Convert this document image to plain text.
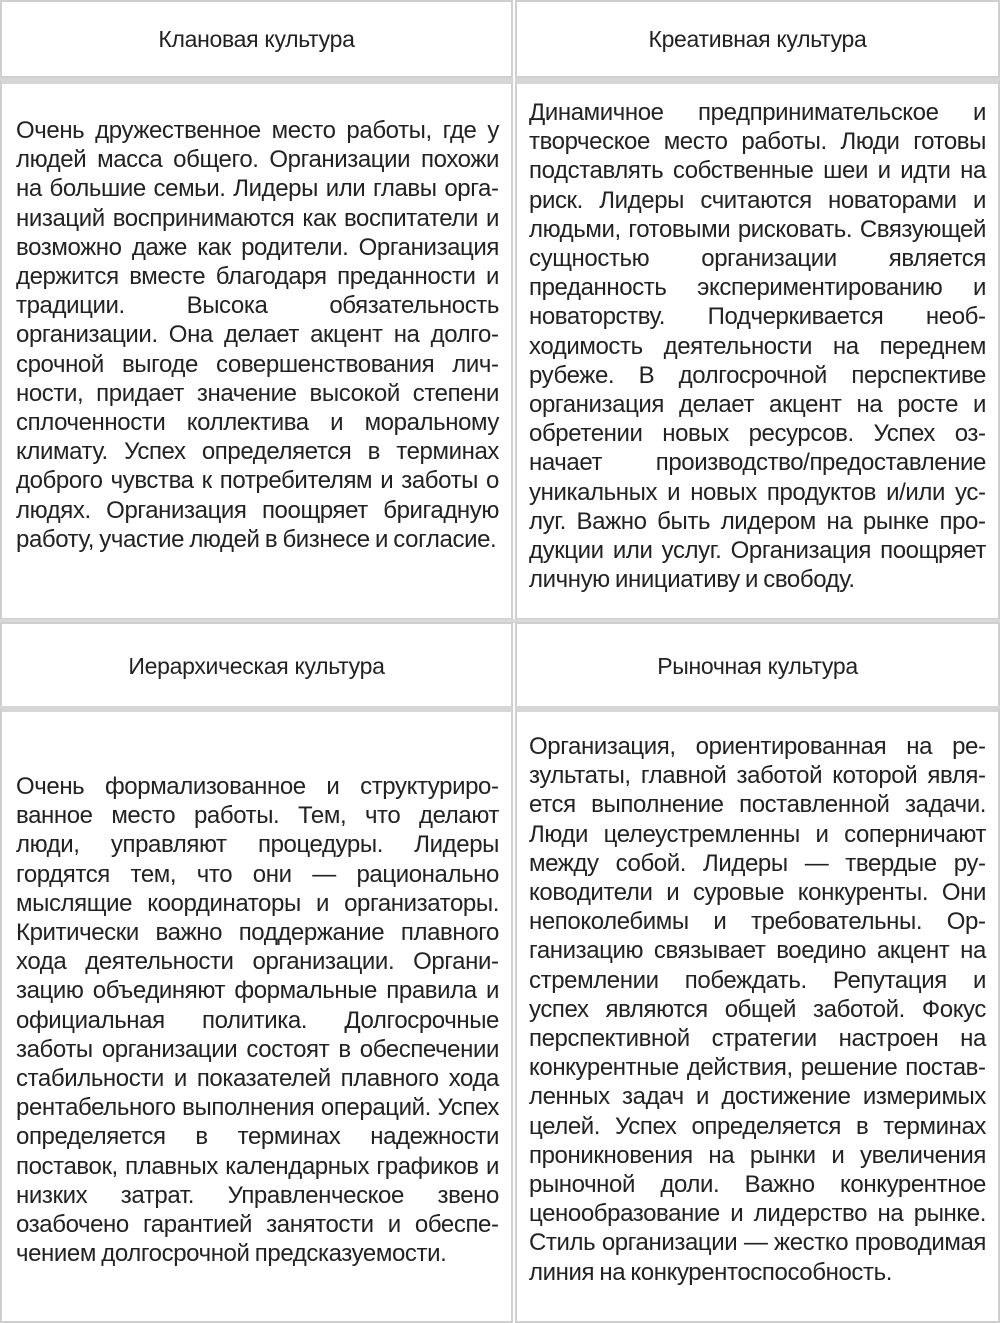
Клановая культура	Креативная культура

Очень дружественное место работы, где у людей масса общего. Организации похожи на большие семьи. Лидеры или главы организаций воспринимаются как воспитатели и возможно даже как родители. Организация держится вместе благодаря преданности и традиции. Высока обязательность организации. Она делает акцент на долгосрочной выгоде совершенствования личности, придает значение высокой степени сплоченности коллектива и моральному климату. Успех определяется в терминах доброго чувства к потребителям и заботы о людях. Организация поощряет бригадную работу, участие людей в бизнесе и согласие.

Динамичное предпринимательское и творческое место работы. Люди готовы подставлять собственные шеи и идти на риск. Лидеры считаются новаторами и людьми, готовыми рисковать. Связующей сущностью организации является преданность экспериментированию и новаторству. Подчеркивается необходимость деятельности на переднем рубеже. В долгосрочной перспективе организация делает акцент на росте и обретении новых ресурсов. Успех означает производство/предоставление уникальных и новых продуктов и/или услуг. Важно быть лидером на рынке продукции или услуг. Организация поощряет личную инициативу и свободу.

Иерархическая культура	Рыночная культура

Очень формализованное и структурированное место работы. Тем, что делают люди, управляют процедуры. Лидеры гордятся тем, что они — рационально мыслящие координаторы и организаторы. Критически важно поддержание плавного хода деятельности организации. Организацию объединяют формальные правила и официальная политика. Долгосрочные заботы организации состоят в обеспечении стабильности и показателей плавного хода рентабельного выполнения операций. Успех определяется в терминах надежности поставок, плавных календарных графиков и низких затрат. Управленческое звено озабочено гарантией занятости и обеспечением долгосрочной предсказуемости.

Организация, ориентированная на результаты, главной заботой которой является выполнение поставленной задачи. Люди целеустремленны и соперничают между собой. Лидеры — твердые руководители и суровые конкуренты. Они непоколебимы и требовательны. Организацию связывает воедино акцент на стремлении побеждать. Репутация и успех являются общей заботой. Фокус перспективной стратегии настроен на конкурентные действия, решение поставленных задач и достижение измеримых целей. Успех определяется в терминах проникновения на рынки и увеличения рыночной доли. Важно конкурентное ценообразование и лидерство на рынке. Стиль организации — жестко проводимая линия на конкурентоспособность.
